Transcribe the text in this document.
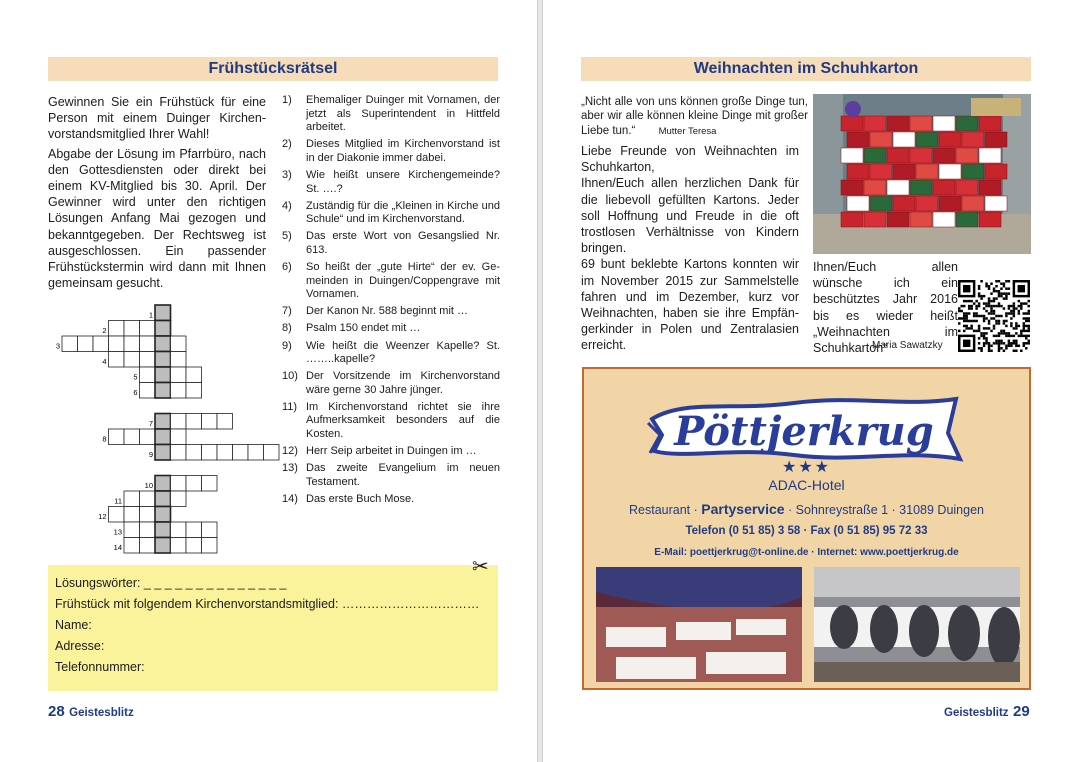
Frühstücksrätsel

Gewinnen Sie ein Frühstück für eine Person mit einem Duinger Kirchenvorstandsmitglied Ihrer Wahl!

Abgabe der Lösung im Pfarrbüro, nach den Gottesdiensten oder direkt bei einem KV-Mitglied bis 30. April. Der Gewinner wird unter den richtigen Lösungen Anfang Mai gezogen und bekanntgegeben. Der Rechtsweg ist ausgeschlossen. Ein passender Frühstückstermin wird dann mit Ihnen gemeinsam gesucht.

1)	Ehemaliger Duinger mit Vornamen, der jetzt als Superintendent in Hittfeld arbeitet.
2)	Dieses Mitglied im Kirchenvorstand ist in der Diakonie immer dabei.
3)	Wie heißt unsere Kirchengemeinde? St. ….?
4)	Zuständig für die „Kleinen in Kirche und Schule“ und im Kirchenvorstand.
5)	Das erste Wort von Gesangslied Nr. 613.
6)	So heißt der „gute Hirte“ der ev. Gemeinden in Duingen/Coppengrave mit Vornamen.
7)	Der Kanon Nr. 588 beginnt mit …
8)	Psalm 150 endet mit …
9)	Wie heißt die Weenzer Kapelle? St. ……..kapelle?
10) Der Vorsitzende im Kirchenvorstand wäre gerne 30 Jahre jünger.
11) Im Kirchenvorstand richtet sie ihre Aufmerksamkeit besonders auf die Kosten.
12) Herr Seip arbeitet in Duingen im …
13) Das zweite Evangelium im neuen Testament.
14) Das erste Buch Mose.
1
2
3
4
5
6
7
8
9
10
11
12
13
14
Lösungswörter: _ _ _ _ _ _ _ _ _ _ _ _ _ _
Frühstück mit folgendem Kirchenvorstandsmitglied: ……………………………
Name:
Adresse:
Telefonnummer:
✂
28 Geistesblitz
Weihnachten im Schuhkarton
„Nicht alle von uns können große Dinge tun, aber wir alle können kleine Dinge mit großer Liebe tun.“ Mutter Teresa
Liebe Freunde von Weihnachten im Schuhkarton,
Ihnen/Euch allen herzlichen Dank für die liebevoll gefüllten Kartons. Jeder soll Hoffnung und Freude in die oft trostlosen Verhältnisse von Kindern bringen.
69 bunt beklebte Kartons konnten wir im November 2015 zur Sammelstelle fahren und im Dezember, kurz vor Weihnachten, haben sie ihre Empfängerkinder in Polen und Zentralasien erreicht.
Ihnen/Euch allen wünsche ich ein beschütztes Jahr 2016 bis es wieder heißt „Weihnachten im Schuhkarton“
Maria Sawatzky
Pöttjerkrug
★★★
ADAC-Hotel
Restaurant · Partyservice · Sohnreystraße 1 · 31089 Duingen
Telefon (0 51 85) 3 58 · Fax (0 51 85) 95 72 33
E-Mail: poettjerkrug@t-online.de · Internet: www.poettjerkrug.de
Geistesblitz 29
